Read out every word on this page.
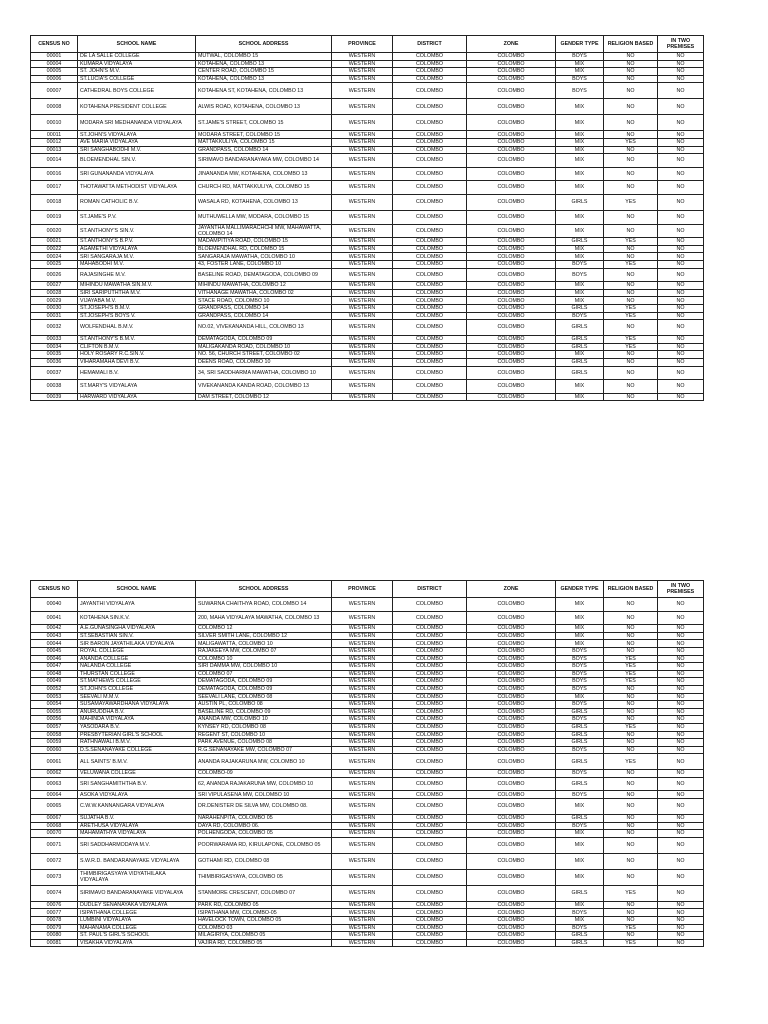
CENSUS NO	SCHOOL NAME	SCHOOL ADDRESS	PROVINCE	DISTRICT	ZONE	GENDER TYPE	RELIGION BASED	IN TWO PREMISES
00001	DE LA SALLE COLLEGE	MUTWAL, COLOMBO 15	WESTERN	COLOMBO	COLOMBO	BOYS	NO	NO
00004	KUMARA VIDYALAYA	KOTAHENA, COLOMBO 13	WESTERN	COLOMBO	COLOMBO	MIX	NO	NO
00005	ST. JOHN'S M.V.	CENTER ROAD, COLOMBO 15	WESTERN	COLOMBO	COLOMBO	MIX	NO	NO
00006	ST.LUCIA'S COLLEGE	KOTAHENA, COLOMBO 13	WESTERN	COLOMBO	COLOMBO	BOYS	NO	NO
00007	CATHEDRAL BOYS COLLEGE	KOTAHENA ST, KOTAHENA, COLOMBO 13	WESTERN	COLOMBO	COLOMBO	BOYS	NO	NO
00008	KOTAHENA PRESIDENT COLLEGE	ALWIS ROAD, KOTAHENA, COLOMBO 13	WESTERN	COLOMBO	COLOMBO	MIX	NO	NO
00010	MODARA SRI MEDHANANDA VIDYALAYA	ST.JAME'S STREET, COLOMBO 15	WESTERN	COLOMBO	COLOMBO	MIX	NO	NO
00011	ST.JOHN'S VIDYALAYA	MODARA STREET, COLOMBO 15	WESTERN	COLOMBO	COLOMBO	MIX	NO	NO
00012	AVE MARIA VIDYALAYA	MATTAKKULIYA, COLOMBO 15	WESTERN	COLOMBO	COLOMBO	MIX	YES	NO
00013	SRI SANGHABODHI M.V.	GRANDPASS, COLOMBO 14	WESTERN	COLOMBO	COLOMBO	MIX	NO	NO
00014	BLOEMENDHAL SIN.V.	SIRIMAVO BANDARANAYAKA MW, COLOMBO 14	WESTERN	COLOMBO	COLOMBO	MIX	NO	NO
00016	SRI GUNANANDA VIDYALAYA	JINANANDA MW, KOTAHENA, COLOMBO 13	WESTERN	COLOMBO	COLOMBO	MIX	NO	NO
00017	THOTAWATTA METHODIST VIDYALAYA	CHURCH RD, MATTAKKULIYA, COLOMBO 15	WESTERN	COLOMBO	COLOMBO	MIX	NO	NO
00018	ROMAN CATHOLIC B.V.	WASALA RD, KOTAHENA, COLOMBO 13	WESTERN	COLOMBO	COLOMBO	GIRLS	YES	NO
00019	ST.JAME'S P.V.	MUTHUWELLA MW, MODARA, COLOMBO 15	WESTERN	COLOMBO	COLOMBO	MIX	NO	NO
00020	ST.ANTHONY'S SIN.V.	JAYANTHA MALLIMARACHCHI MW, MAHAWATTA, COLOMBO 14	WESTERN	COLOMBO	COLOMBO	MIX	NO	NO
00021	ST.ANTHONY'S B.P.V.	MADAMPITIYA ROAD, COLOMBO 15	WESTERN	COLOMBO	COLOMBO	GIRLS	YES	NO
00022	AGAMETHI VIDYALAYA	BLOEMENDHAL RD, COLOMBO 15	WESTERN	COLOMBO	COLOMBO	MIX	NO	NO
00024	SRI SANGARAJA M.V.	SANGARAJA MAWATHA, COLOMBO 10	WESTERN	COLOMBO	COLOMBO	MIX	NO	NO
00025	MAHABODHI M.V.	43, FOSTER LANE, COLOMBO 10	WESTERN	COLOMBO	COLOMBO	BOYS	YES	NO
00026	RAJASINGHE M.V.	BASELINE ROAD, DEMATAGODA, COLOMBO 09	WESTERN	COLOMBO	COLOMBO	BOYS	NO	NO
00027	MIHINDU MAWATHA SIN.M.V.	MIHINDU MAWATHA, COLOMBO 12	WESTERN	COLOMBO	COLOMBO	MIX	NO	NO
00028	SIRI SARIPUTHTHA M.V.	VITHANAGE MAWATHA, COLOMBO 02	WESTERN	COLOMBO	COLOMBO	MIX	NO	NO
00029	VIJAYABA M.V.	STACE ROAD, COLOMBO 10	WESTERN	COLOMBO	COLOMBO	MIX	NO	NO
00030	ST.JOSEPH'S B.M.V.	GRANDPASS, COLOMBO 14	WESTERN	COLOMBO	COLOMBO	GIRLS	YES	NO
00031	ST.JOSEPH'S BOYS V.	GRANDPASS, COLOMBO 14	WESTERN	COLOMBO	COLOMBO	BOYS	YES	NO
00032	WOLFENDHAL B.M.V.	NO.02, VIVEKANANDA HILL, COLOMBO 13	WESTERN	COLOMBO	COLOMBO	GIRLS	NO	NO
00033	ST.ANTHONY'S B.M.V.	DEMATAGODA, COLOMBO 09	WESTERN	COLOMBO	COLOMBO	GIRLS	YES	NO
00034	CLIFTON B.M.V.	MALIGAKANDA ROAD, COLOMBO 10	WESTERN	COLOMBO	COLOMBO	GIRLS	YES	NO
00035	HOLY ROSARY R.C.SIN.V.	NO. 56, CHURCH STREET, COLOMBO 02	WESTERN	COLOMBO	COLOMBO	MIX	NO	NO
00036	VIHARAMAHA DEVI B.V.	DEENS ROAD, COLOMBO 10	WESTERN	COLOMBO	COLOMBO	GIRLS	NO	NO
00037	HEMAMALI B.V.	34, SRI SADDHARMA MAWATHA, COLOMBO 10	WESTERN	COLOMBO	COLOMBO	GIRLS	NO	NO
00038	ST.MARY'S VIDYALAYA	VIVEKANANDA KANDA ROAD, COLOMBO 13	WESTERN	COLOMBO	COLOMBO	MIX	NO	NO
00039	HARWARD VIDYALAYA	DAM STREET, COLOMBO 12	WESTERN	COLOMBO	COLOMBO	MIX	NO	NO
CENSUS NO	SCHOOL NAME	SCHOOL ADDRESS	PROVINCE	DISTRICT	ZONE	GENDER TYPE	RELIGION BASED	IN TWO PREMISES
00040	JAYANTHI VIDYALAYA	SUWARNA CHAITHYA ROAD, COLOMBO 14	WESTERN	COLOMBO	COLOMBO	MIX	NO	NO
00041	KOTAHENA SIN.K.V.	200, MAHA VIDYALAYA MAWATHA, COLOMBO 13	WESTERN	COLOMBO	COLOMBO	MIX	NO	NO
00042	A.E.GUNASINGHA VIDYALAYA	COLOMBO 12	WESTERN	COLOMBO	COLOMBO	MIX	NO	NO
00043	ST.SEBASTIAN SIN.V.	SILVER SMITH LANE, COLOMBO 12	WESTERN	COLOMBO	COLOMBO	MIX	NO	NO
00044	SIR BARON JAYATHILAKA VIDYALAYA	MALIGAWATTA, COLOMBO 10	WESTERN	COLOMBO	COLOMBO	MIX	NO	NO
00045	ROYAL COLLEGE	RAJAKEEYA MW, COLOMBO 07	WESTERN	COLOMBO	COLOMBO	BOYS	NO	NO
00046	ANANDA COLLEGE	COLOMBO 10	WESTERN	COLOMBO	COLOMBO	BOYS	YES	NO
00047	NALANDA COLLEGE	SIRI DAMMA MW, COLOMBO 10	WESTERN	COLOMBO	COLOMBO	BOYS	YES	NO
00048	THURSTAN COLLEGE	COLOMBO 07	WESTERN	COLOMBO	COLOMBO	BOYS	YES	NO
00049	ST.MATHEWS COLLEGE	DEMATAGODA, COLOMBO 09	WESTERN	COLOMBO	COLOMBO	BOYS	YES	NO
00052	ST.JOHN'S COLLEGE	DEMATAGODA, COLOMBO 09	WESTERN	COLOMBO	COLOMBO	BOYS	NO	NO
00053	SEEVALI M.M.V.	SEEVALI LANE, COLOMBO 08	WESTERN	COLOMBO	COLOMBO	MIX	NO	NO
00054	SUSAMAYAWARDHANA VIDYALAYA	AUSTIN PL, COLOMBO 08	WESTERN	COLOMBO	COLOMBO	BOYS	NO	NO
00055	ANURUDDHA B.V.	BASELINE RD, COLOMBO 09	WESTERN	COLOMBO	COLOMBO	GIRLS	NO	NO
00056	MAHINDA VIDYALAYA	ANANDA MW, COLOMBO 10	WESTERN	COLOMBO	COLOMBO	BOYS	NO	NO
00057	YASODARA B.V.	KYNSEY RD, COLOMBO 08	WESTERN	COLOMBO	COLOMBO	GIRLS	YES	NO
00058	PRESBYTERIAN GIRL'S SCHOOL	REGENT ST, COLOMBO 10	WESTERN	COLOMBO	COLOMBO	GIRLS	NO	NO
00059	RATHNAWALI B.M.V.	PARK AVENUE, COLOMBO 08	WESTERN	COLOMBO	COLOMBO	GIRLS	NO	NO
00060	D.S.SENANAYAKE COLLEGE	R.G.SENANAYAKE MW, COLOMBO 07	WESTERN	COLOMBO	COLOMBO	BOYS	NO	NO
00061	ALL SAINTS' B.M.V.	ANANDA RAJAKARUNA MW, COLOMBO 10	WESTERN	COLOMBO	COLOMBO	GIRLS	YES	NO
00062	VELUWANA COLLEGE	COLOMBO-09	WESTERN	COLOMBO	COLOMBO	BOYS	NO	NO
00063	SRI SANGHAMITHTHA B.V.	62, ANANDA RAJAKARUNA MW, COLOMBO 10	WESTERN	COLOMBO	COLOMBO	GIRLS	NO	NO
00064	ASOKA VIDYALAYA	SRI VIPULASENA MW, COLOMBO 10	WESTERN	COLOMBO	COLOMBO	BOYS	NO	NO
00065	C.W.W.KANNANGARA VIDYALAYA	DR.DENISTER DE SILVA MW, COLOMBO 08.	WESTERN	COLOMBO	COLOMBO	MIX	NO	NO
00067	SUJATHA B.V.	NARAHENPITA, COLOMBO 05	WESTERN	COLOMBO	COLOMBO	GIRLS	NO	NO
00068	ARETHUSA VIDYALAYA	DAYA RD, COLOMBO 06.	WESTERN	COLOMBO	COLOMBO	BOYS	NO	NO
00070	MAHAMATHYA VIDYALAYA	POLHENGODA, COLOMBO 05	WESTERN	COLOMBO	COLOMBO	MIX	NO	NO
00071	SRI SADDHARMODAYA M.V.	POORWARAMA RD, KIRULAPONE, COLOMBO 05	WESTERN	COLOMBO	COLOMBO	MIX	NO	NO
00072	S.W.R.D. BANDARANAYAKE VIDYALAYA	GOTHAMI RD, COLOMBO 08	WESTERN	COLOMBO	COLOMBO	MIX	NO	NO
00073	THIMBIRIGASYAYA VIDYATHILAKA VIDYALAYA	THIMBIRIGASYAYA, COLOMBO 05	WESTERN	COLOMBO	COLOMBO	MIX	NO	NO
00074	SIRIMAVO BANDARANAYAKE VIDYALAYA	STANMORE CRESCENT, COLOMBO 07	WESTERN	COLOMBO	COLOMBO	GIRLS	YES	NO
00076	DUDLEY SENANAYAKA VIDYALAYA	PARK RD, COLOMBO 05	WESTERN	COLOMBO	COLOMBO	MIX	NO	NO
00077	ISIPATHANA COLLEGE	ISIPATHANA MW, COLOMBO-05	WESTERN	COLOMBO	COLOMBO	BOYS	NO	NO
00078	LUMBINI VIDYALAYA	HAVELOCK TOWN, COLOMBO 05	WESTERN	COLOMBO	COLOMBO	MIX	NO	NO
00079	MAHANAMA COLLEGE	COLOMBO 03	WESTERN	COLOMBO	COLOMBO	BOYS	YES	NO
00080	ST. PAUL'S GIRL'S SCHOOL	MILAGIRIYA, COLOMBO 05	WESTERN	COLOMBO	COLOMBO	GIRLS	NO	NO
00081	VISAKHA VIDYALAYA	VAJIRA RD, COLOMBO 05	WESTERN	COLOMBO	COLOMBO	GIRLS	YES	NO
